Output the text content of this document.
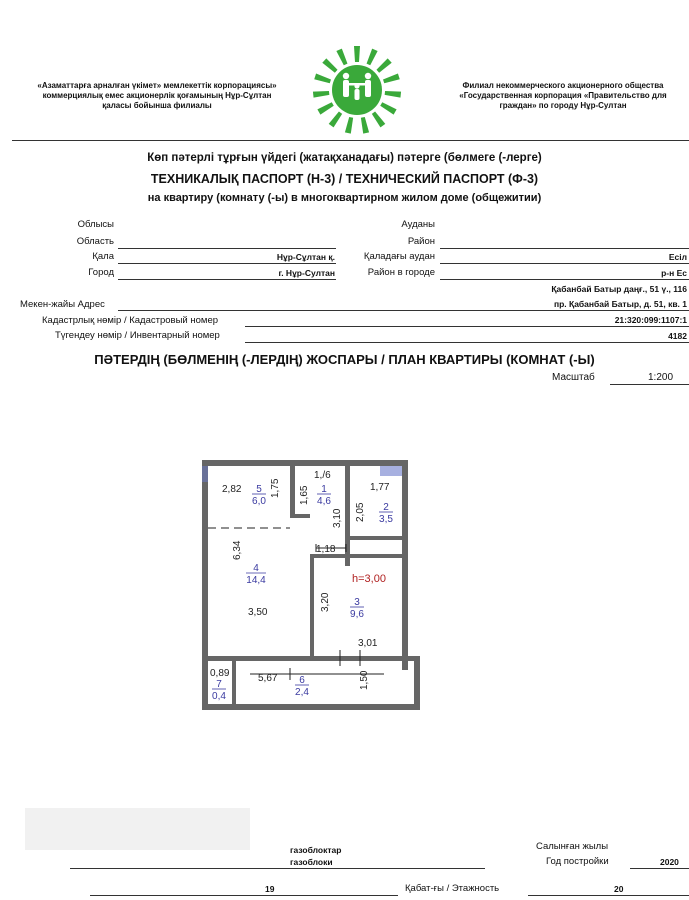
«Азаматтарға арналған үкімет» мемлекеттік корпорациясы»
коммерциялық емес акционерлік қоғамының Нұр-Сұлтан
қаласы бойынша филиалы
Филиал некоммерческого акционерного общества
«Государственная корпорация «Правительство для
граждан» по городу Нұр-Султан
Көп пәтерлі тұрғын үйдегі (жатақханадағы) пәтерге (бөлмеге (-лерге)
ТЕХНИКАЛЫҚ ПАСПОРТ (Н-3) / ТЕХНИЧЕСКИЙ ПАСПОРТ (Ф-3)
на квартиру (комнату (-ы) в многоквартирном жилом доме (общежитии)
Облысы
Область
Қала	Нұр-Сұлтан қ.
Город	г. Нұр-Султан
Ауданы
Район
Қаладағы аудан	Есіл
Район в городе	р-н Ес
Қабанбай Батыр даңғ., 51 ү., 116
Мекен-жайы Адрес	пр. Қабанбай Батыр, д. 51, кв. 1
Кадастрлық нөмір / Кадастровый номер	21:320:099:1107:1
Түгендеу нөмір / Инвентарный номер	4182
ПӘТЕРДІҢ (БӨЛМЕНІҢ (-ЛЕРДІҢ) ЖОСПАРЫ / ПЛАН КВАРТИРЫ (КОМНАТ (-Ы)
Масштаб	1:200
2,82	1,75 1,65
1,/6
1,77
2,05
3,10
6,34	1,18
3,50
3,20
3,01
0,89	5,67	1,50
h=3,00
5
6,0
1
4,6
2
3,5
4
14,4
3
9,6
6
2,4
7
0,4
газоблоктар
газоблоки
Салынған жылы
Год постройки	2020
19	Қабат-ғы / Этажность	20
